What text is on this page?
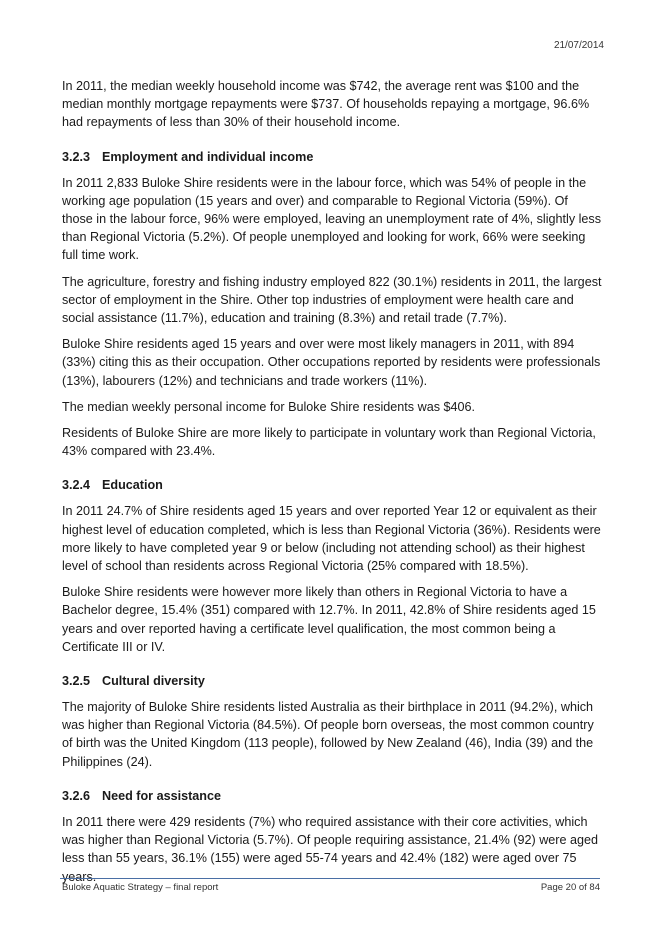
21/07/2014

In 2011, the median weekly household income was $742, the average rent was $100 and the median monthly mortgage repayments were $737. Of households repaying a mortgage, 96.6% had repayments of less than 30% of their household income.

3.2.3 Employment and individual income

In 2011 2,833 Buloke Shire residents were in the labour force, which was 54% of people in the working age population (15 years and over) and comparable to Regional Victoria (59%). Of those in the labour force, 96% were employed, leaving an unemployment rate of 4%, slightly less than Regional Victoria (5.2%). Of people unemployed and looking for work, 66% were seeking full time work.

The agriculture, forestry and fishing industry employed 822 (30.1%) residents in 2011, the largest sector of employment in the Shire. Other top industries of employment were health care and social assistance (11.7%), education and training (8.3%) and retail trade (7.7%).

Buloke Shire residents aged 15 years and over were most likely managers in 2011, with 894 (33%) citing this as their occupation. Other occupations reported by residents were professionals (13%), labourers (12%) and technicians and trade workers (11%).

The median weekly personal income for Buloke Shire residents was $406.

Residents of Buloke Shire are more likely to participate in voluntary work than Regional Victoria, 43% compared with 23.4%.

3.2.4 Education

In 2011 24.7% of Shire residents aged 15 years and over reported Year 12 or equivalent as their highest level of education completed, which is less than Regional Victoria (36%). Residents were more likely to have completed year 9 or below (including not attending school) as their highest level of school than residents across Regional Victoria (25% compared with 18.5%).

Buloke Shire residents were however more likely than others in Regional Victoria to have a Bachelor degree, 15.4% (351) compared with 12.7%. In 2011, 42.8% of Shire residents aged 15 years and over reported having a certificate level qualification, the most common being a Certificate III or IV.

3.2.5 Cultural diversity

The majority of Buloke Shire residents listed Australia as their birthplace in 2011 (94.2%), which was higher than Regional Victoria (84.5%). Of people born overseas, the most common country of birth was the United Kingdom (113 people), followed by New Zealand (46), India (39) and the Philippines (24).

3.2.6 Need for assistance

In 2011 there were 429 residents (7%) who required assistance with their core activities, which was higher than Regional Victoria (5.7%). Of people requiring assistance, 21.4% (92) were aged less than 55 years, 36.1% (155) were aged 55-74 years and 42.4% (182) were aged over 75 years.

Buloke Aquatic Strategy – final report	Page 20 of 84
